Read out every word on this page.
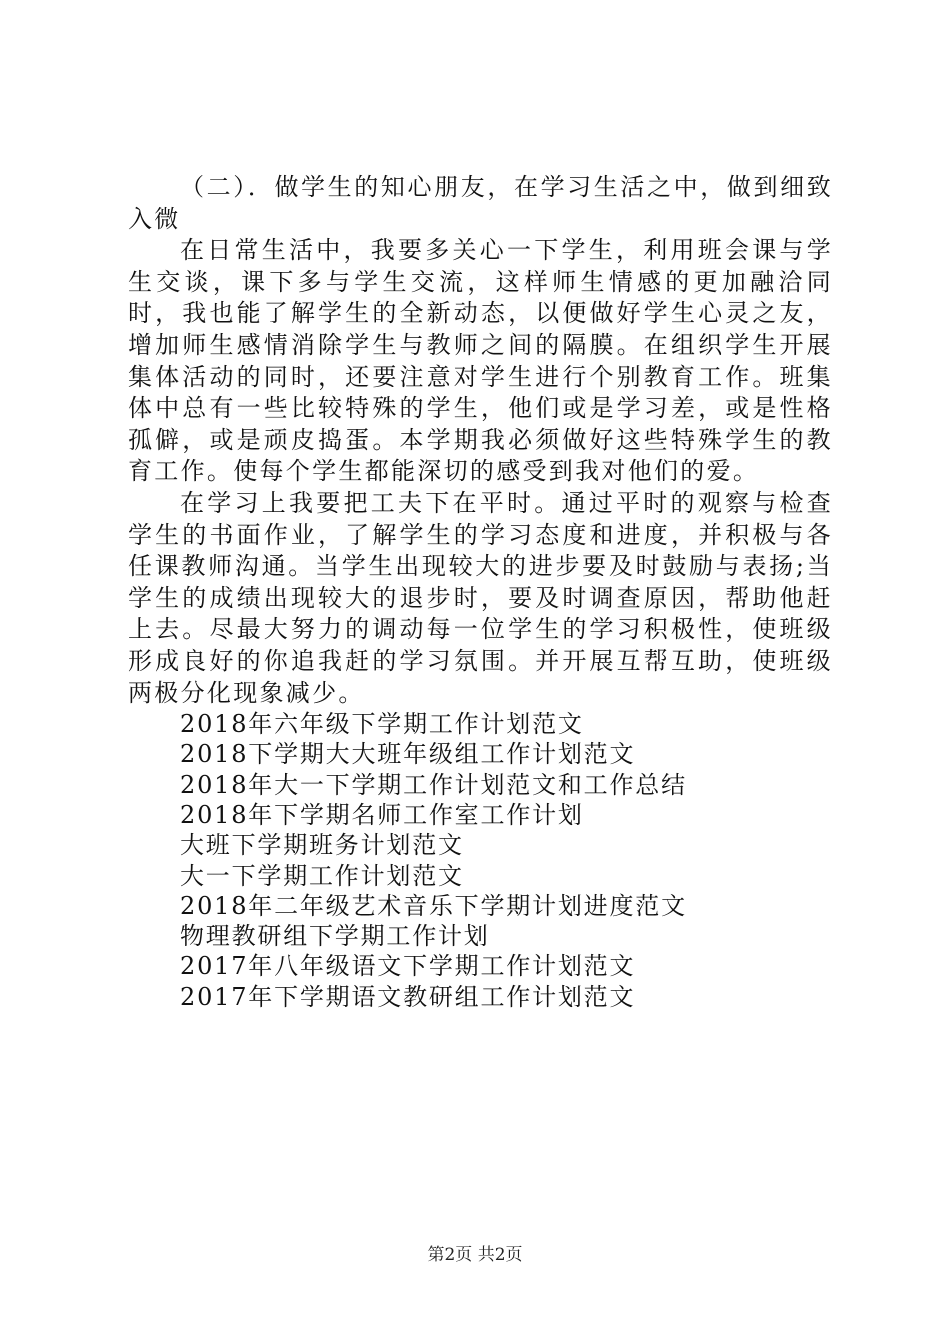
（二）．做学生的知心朋友，在学习生活之中，做到细致入微

在日常生活中，我要多关心一下学生，利用班会课与学生交谈，课下多与学生交流，这样师生情感的更加融洽同时，我也能了解学生的全新动态，以便做好学生心灵之友，增加师生感情消除学生与教师之间的隔膜。在组织学生开展集体活动的同时，还要注意对学生进行个别教育工作。班集体中总有一些比较特殊的学生，他们或是学习差，或是性格孤僻，或是顽皮捣蛋。本学期我必须做好这些特殊学生的教育工作。使每个学生都能深切的感受到我对他们的爱。

在学习上我要把工夫下在平时。通过平时的观察与检查学生的书面作业，了解学生的学习态度和进度，并积极与各任课教师沟通。当学生出现较大的进步要及时鼓励与表扬;当学生的成绩出现较大的退步时，要及时调查原因，帮助他赶上去。尽最大努力的调动每一位学生的学习积极性，使班级形成良好的你追我赶的学习氛围。并开展互帮互助，使班级两极分化现象减少。

2018年六年级下学期工作计划范文
2018下学期大大班年级组工作计划范文
2018年大一下学期工作计划范文和工作总结
2018年下学期名师工作室工作计划
大班下学期班务计划范文
大一下学期工作计划范文
2018年二年级艺术音乐下学期计划进度范文
物理教研组下学期工作计划
2017年八年级语文下学期工作计划范文
2017年下学期语文教研组工作计划范文
第2页 共2页
